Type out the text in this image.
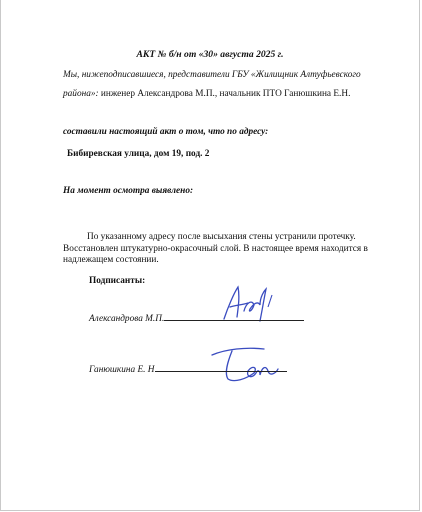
АКТ № б/н от «30» августа 2025 г.
Мы, нижеподписавшиеся, представители ГБУ «Жилищник Алтуфьевского
района»: инженер Александрова М.П., начальник ПТО Ганюшкина Е.Н.
составили настоящий акт о том, что по адресу:
Бибиревская улица, дом 19, под. 2
На момент осмотра выявлено:
По указанному адресу после высыхания стены устранили протечку. Восстановлен штукатурно-окрасочный слой. В настоящее время находится в надлежащем состоянии.
Подписанты:
Александрова М.П.
Ганюшкина Е. Н
